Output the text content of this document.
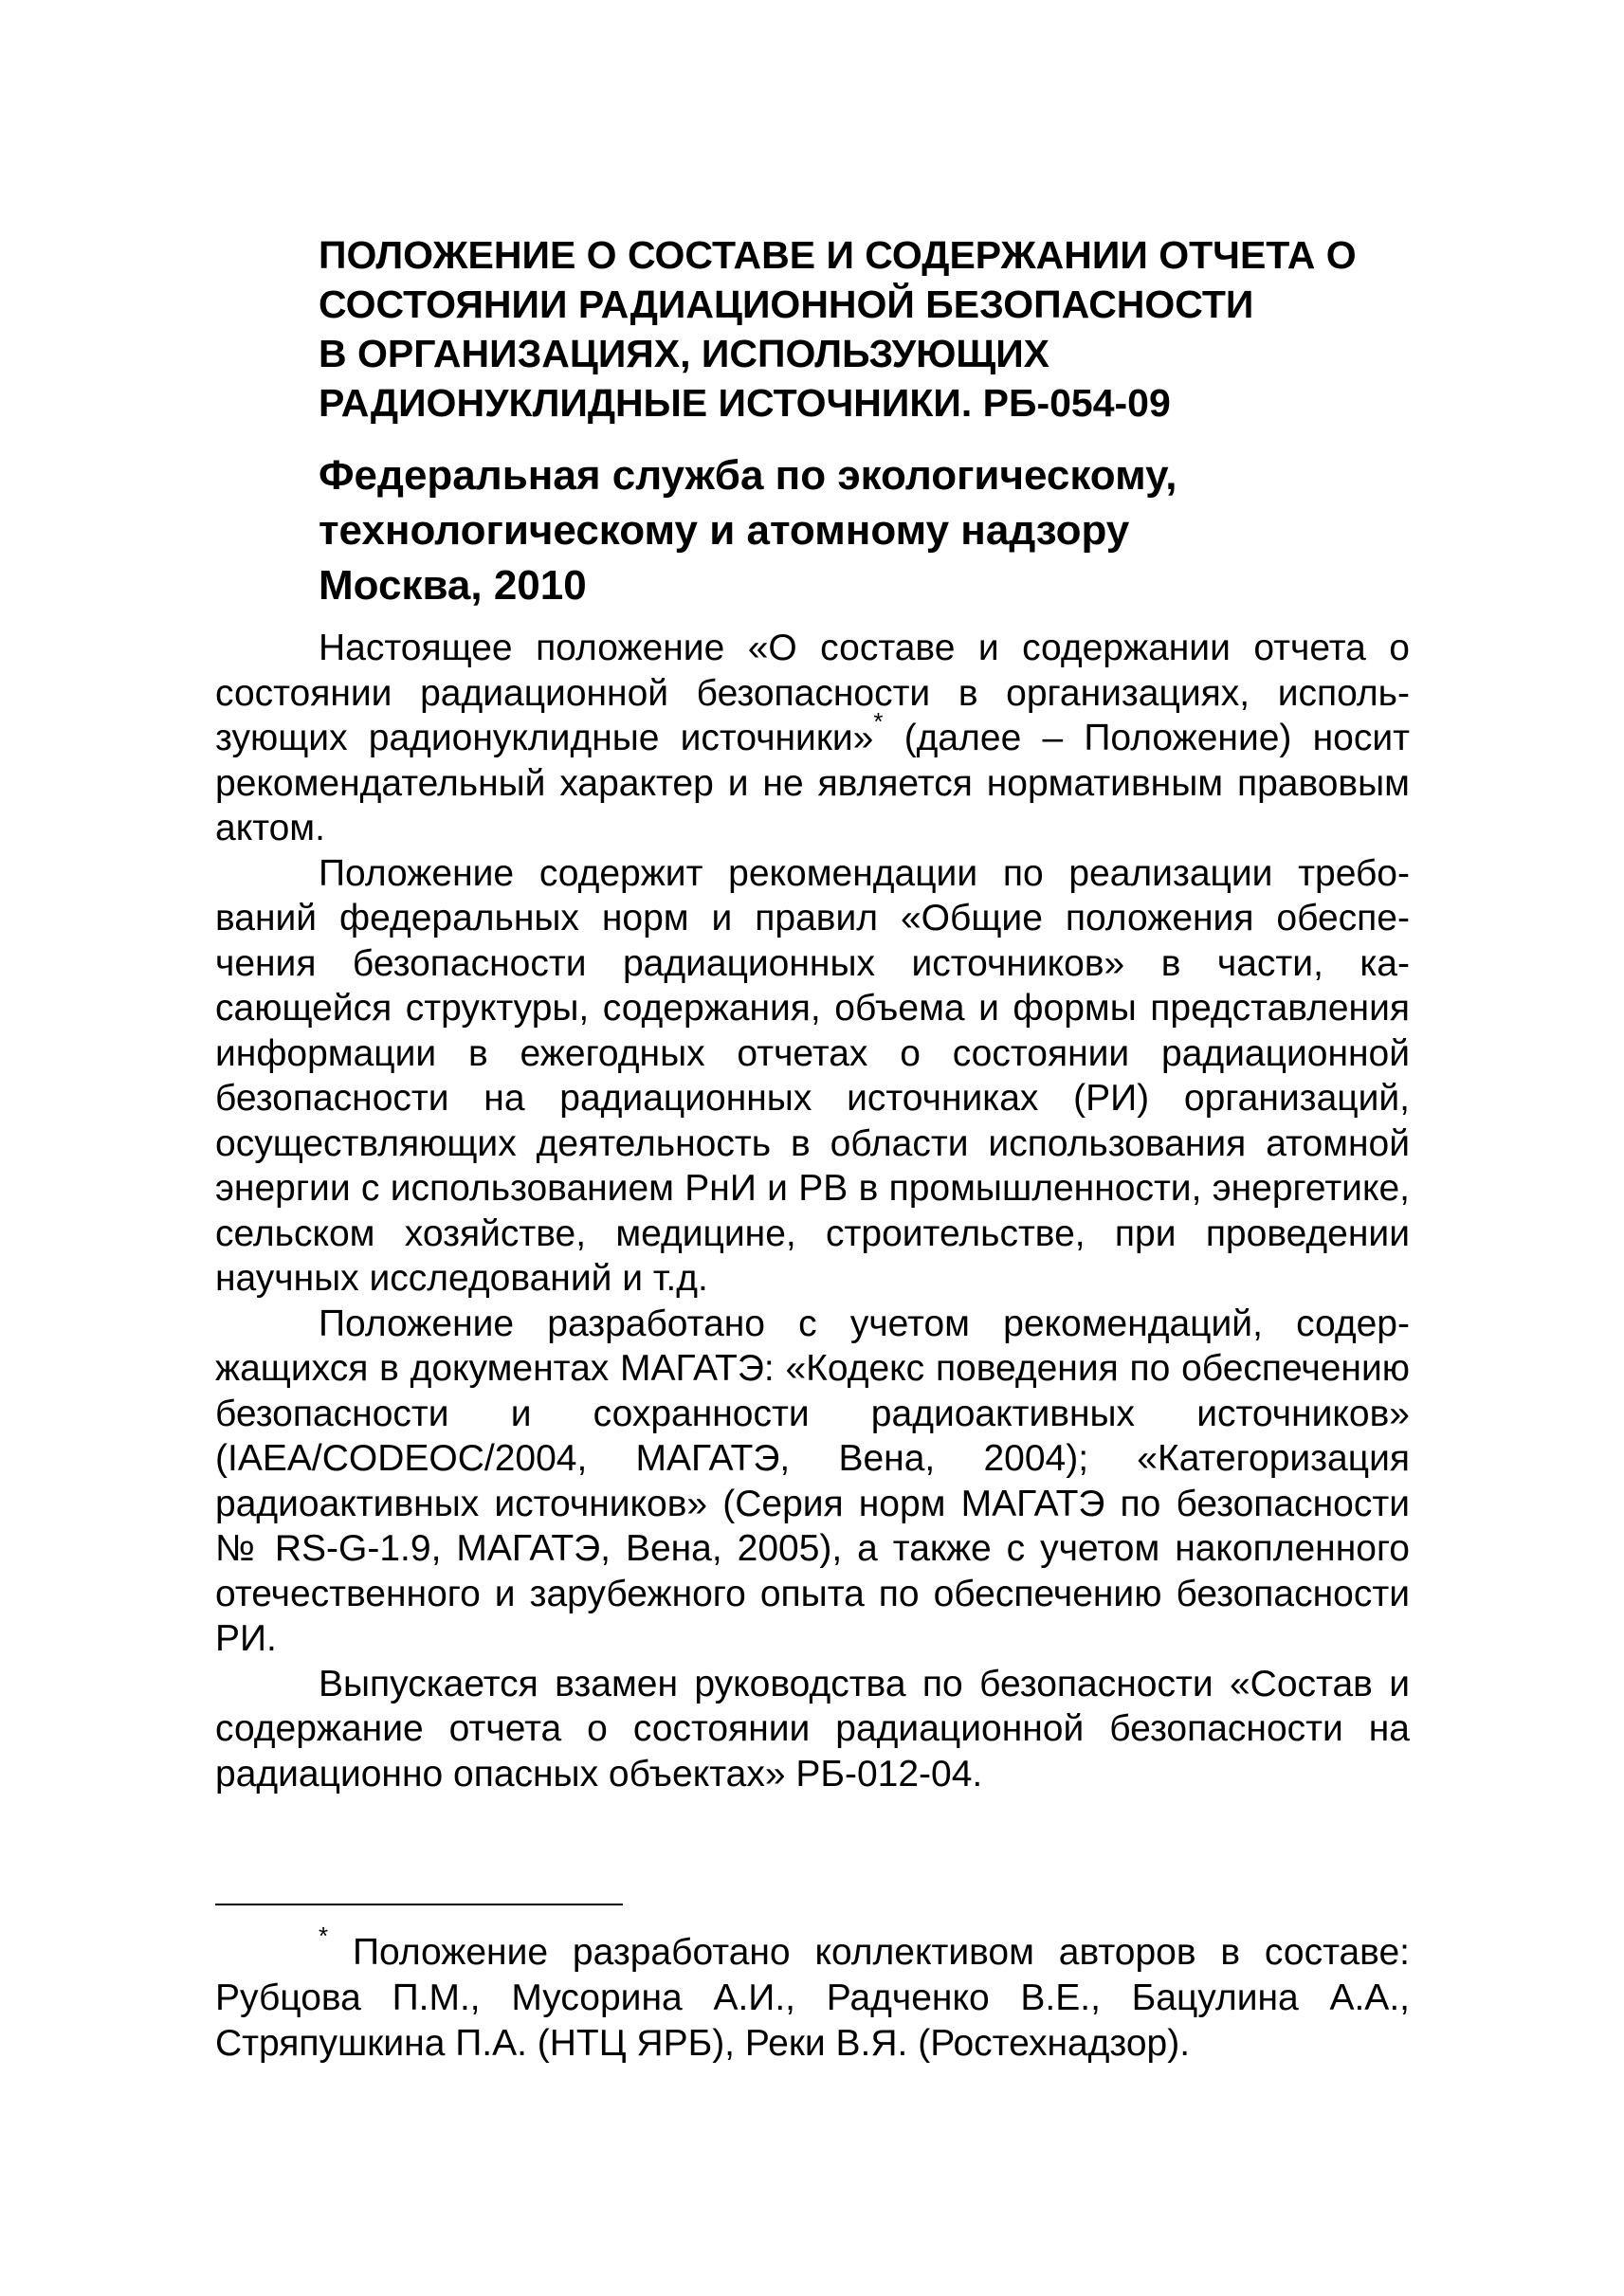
ПОЛОЖЕНИЕ О СОСТАВЕ И СОДЕРЖАНИИ ОТЧЕТА О
СОСТОЯНИИ РАДИАЦИОННОЙ БЕЗОПАСНОСТИ
В ОРГАНИЗАЦИЯХ, ИСПОЛЬЗУЮЩИХ
РАДИОНУКЛИДНЫЕ ИСТОЧНИКИ. РБ-054-09
Федеральная служба по экологическому,
технологическому и атомному надзору
Москва, 2010

Настоящее положение «О составе и содержании отчета о состоянии радиационной безопасности в организациях, использующих радионуклидные источники»* (далее – Положение) носит рекомендательный характер и не является нормативным правовым актом.

Положение содержит рекомендации по реализации требований федеральных норм и правил «Общие положения обеспечения безопасности радиационных источников» в части, касающейся структуры, содержания, объема и формы представления информации в ежегодных отчетах о состоянии радиационной безопасности на радиационных источниках (РИ) организаций, осуществляющих деятельность в области использования атомной энергии с использованием РнИ и РВ в промышленности, энергетике, сельском хозяйстве, медицине, строительстве, при проведении научных исследований и т.д.

Положение разработано с учетом рекомендаций, содержащихся в документах МАГАТЭ: «Кодекс поведения по обеспечению безопасности и сохранности радиоактивных источников» (IAEA/CODEOC/2004, МАГАТЭ, Вена, 2004); «Категоризация радиоактивных источников» (Серия норм МАГАТЭ по безопасности № RS-G-1.9, МАГАТЭ, Вена, 2005), а также с учетом накопленного отечественного и зарубежного опыта по обеспечению безопасности РИ.

Выпускается взамен руководства по безопасности «Состав и содержание отчета о состоянии радиационной безопасности на радиационно опасных объектах» РБ-012-04.

* Положение разработано коллективом авторов в составе: Рубцова П.М., Мусорина А.И., Радченко В.Е., Бацулина А.А., Стряпушкина П.А. (НТЦ ЯРБ), Реки В.Я. (Ростехнадзор).
